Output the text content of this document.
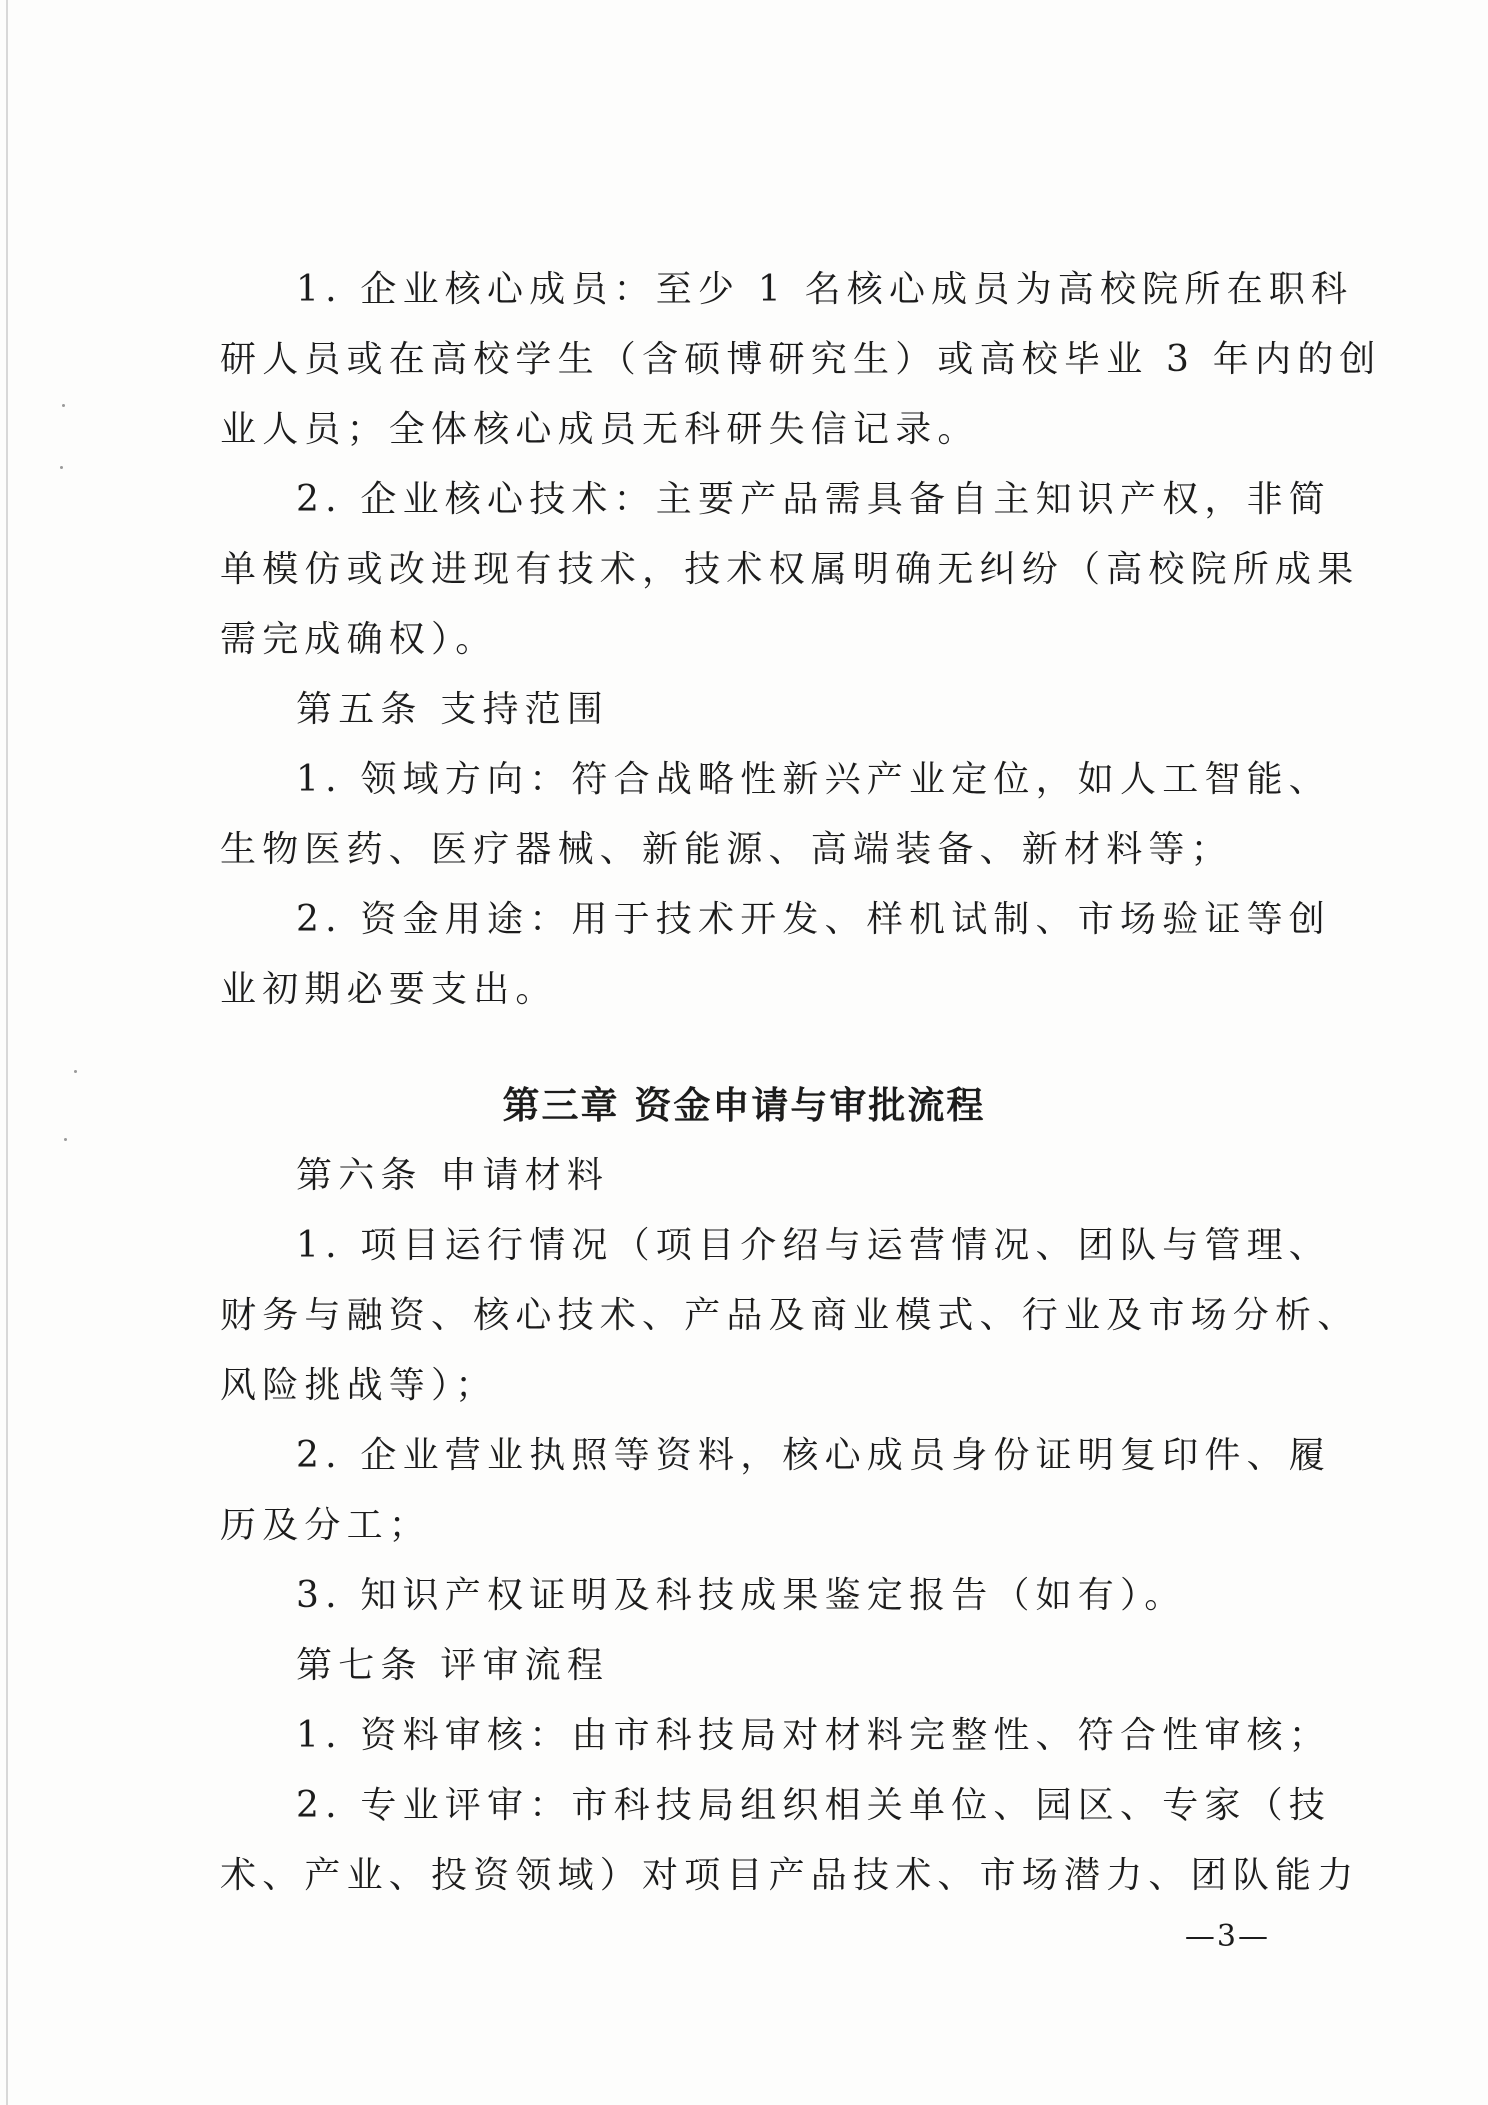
1. 企业核心成员：至少 1 名核心成员为高校院所在职科
研人员或在高校学生（含硕博研究生）或高校毕业 3 年内的创
业人员；全体核心成员无科研失信记录。
2. 企业核心技术：主要产品需具备自主知识产权，非简
单模仿或改进现有技术，技术权属明确无纠纷（高校院所成果
需完成确权）。
第五条 支持范围
1. 领域方向：符合战略性新兴产业定位，如人工智能、
生物医药、医疗器械、新能源、高端装备、新材料等；
2. 资金用途：用于技术开发、样机试制、市场验证等创
业初期必要支出。
第三章 资金申请与审批流程
第六条 申请材料
1. 项目运行情况（项目介绍与运营情况、团队与管理、
财务与融资、核心技术、产品及商业模式、行业及市场分析、
风险挑战等）；
2. 企业营业执照等资料，核心成员身份证明复印件、履
历及分工；
3. 知识产权证明及科技成果鉴定报告（如有）。
第七条 评审流程
1. 资料审核：由市科技局对材料完整性、符合性审核；
2. 专业评审：市科技局组织相关单位、园区、专家（技
术、产业、投资领域）对项目产品技术、市场潜力、团队能力
—3—
